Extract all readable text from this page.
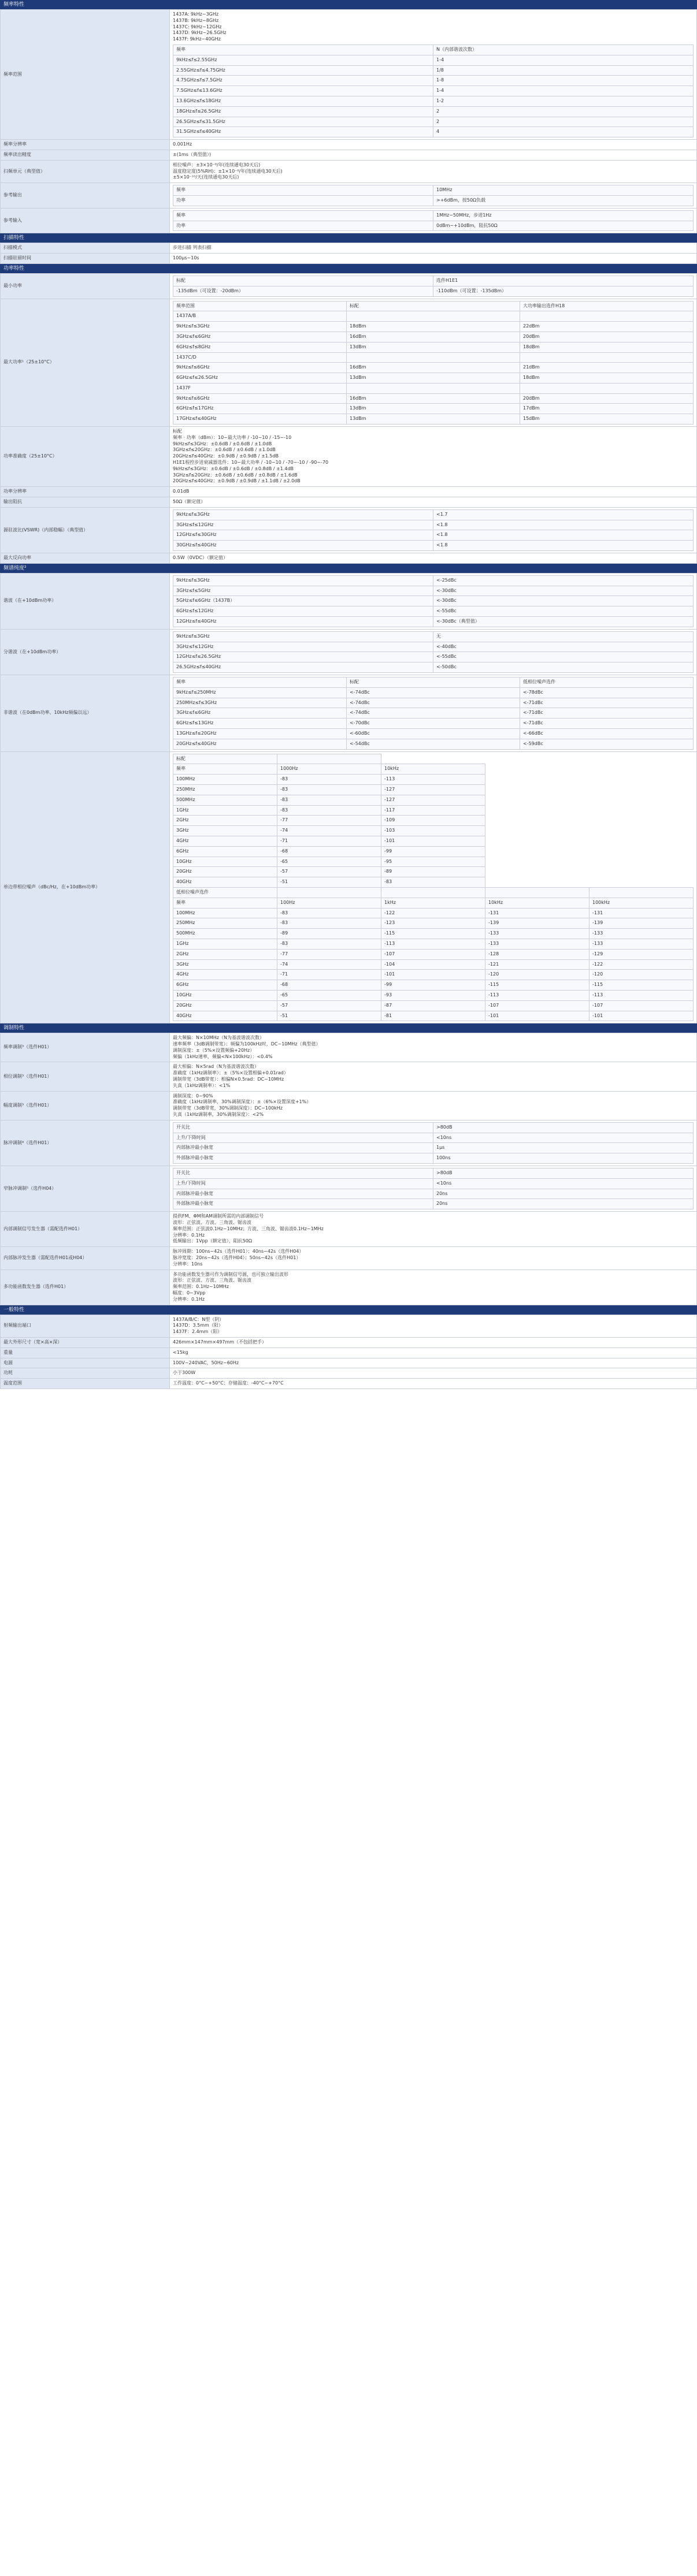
频率特性
频率范围	
1437A: 9kHz~3GHz
1437B: 9kHz~8GHz
1437C: 9kHz~12GHz
1437D: 9kHz~26.5GHz
1437F: 9kHz~40GHz
频率	N（内部谐波次数）
9kHz≤f≤2.55GHz	1-4
2.55GHz≤f≤4.75GHz	1/8
4.75GHz≤f≤7.5GHz	1-8
7.5GHz≤f≤13.6GHz	1-4
13.6GHz≤f≤18GHz	1-2
18GHz≤f≤26.5GHz	2
26.5GHz≤f≤31.5GHz	2
31.5GHz≤f≤40GHz	4

频率分辨率	0.001Hz

频率读出精度	±(1ms（典型值）)

扫频单元（典型值）	
相位噪声：±3×10⁻⁶/年(连续通电30天后)
温度稳定度(5%RH)：±1×10⁻⁸/年(连续通电30天后)
±5×10⁻¹⁰/天(连续通电30天后)

参考输出	
频率	10MHz
功率	>+6dBm，按50Ω负载

参考输入	
频率	1MHz~50MHz，步进1Hz
功率	0dBm~+10dBm，阻抗50Ω
扫描特性
扫描模式	步进扫描 列表扫描

扫描驻留时间	100μs~10s
功率特性
最小功率	
标配	选件H1E1
-135dBm（可设置：-20dBm）	-110dBm（可设置：-135dBm）

最大功率¹（25±10°C）	
频率范围	标配	大功率输出选件H18
1437A/B		
9kHz≤f≤3GHz	18dBm	22dBm
3GHz≤f≤6GHz	16dBm	20dBm
6GHz≤f≤8GHz	13dBm	18dBm
1437C/D		
9kHz≤f≤6GHz	16dBm	21dBm
6GHz≤f≤26.5GHz	13dBm	18dBm
1437F		
9kHz≤f≤6GHz	16dBm	20dBm
6GHz≤f≤17GHz	13dBm	17dBm
17GHz≤f≤40GHz	13dBm	15dBm

功率准确度（25±10°C）	
标配
频率 · 功率（dBm）：10~最大功率 / -10~10 / -15~-10
9kHz≤f≤3GHz：±0.6dB / ±0.6dB / ±1.0dB
3GHz≤f≤20GHz：±0.6dB / ±0.6dB / ±1.0dB
20GHz≤f≤40GHz：±0.9dB / ±0.9dB / ±1.5dB
H1E1程控步进衰减器选件：10~最大功率 / -10~10 / -70~-10 / -90~-70
9kHz≤f≤3GHz：±0.6dB / ±0.6dB / ±0.8dB / ±1.4dB
3GHz≤f≤20GHz：±0.6dB / ±0.6dB / ±0.8dB / ±1.6dB
20GHz≤f≤40GHz：±0.9dB / ±0.9dB / ±1.1dB / ±2.0dB

功率分辨率	0.01dB

输出阻抗	50Ω（额定值）

源驻波比(VSWR)（内部稳幅）（典型值）	
9kHz≤f≤3GHz	<1.7
3GHz≤f≤12GHz	<1.8
12GHz≤f≤30GHz	<1.8
30GHz≤f≤40GHz	<1.8

最大反向功率	0.5W（0VDC）（额定值）
频谱纯度²
谐波（在+10dBm功率）	
9kHz≤f≤3GHz	<-25dBc
3GHz≤f≤5GHz	<-30dBc
5GHz≤f≤6GHz（1437B）	<-30dBc
6GHz≤f≤12GHz	<-55dBc
12GHz≤f≤40GHz	<-30dBc（典型值）

分谐波（在+10dBm功率）	
9kHz≤f≤3GHz	无
3GHz≤f≤12GHz	<-40dBc
12GHz≤f≤26.5GHz	<-55dBc
26.5GHz≤f≤40GHz	<-50dBc

非谐波（在0dBm功率、10kHz频偏以远）	
频率	标配	低相位噪声选件
9kHz≤f≤250MHz	<-74dBc	<-78dBc
250MHz≤f≤3GHz	<-74dBc	<-71dBc
3GHz≤f≤6GHz	<-74dBc	<-71dBc
6GHz≤f≤13GHz	<-70dBc	<-71dBc
13GHz≤f≤20GHz	<-60dBc	<-66dBc
20GHz≤f≤40GHz	<-54dBc	<-59dBc

单边带相位噪声（dBc/Hz，在+10dBm功率）	
标配	
频率	1000Hz	10kHz
100MHz	-83	-113
250MHz	-83	-127
500MHz	-83	-127
1GHz	-83	-117
2GHz	-77	-109
3GHz	-74	-103
4GHz	-71	-101
6GHz	-68	-99
10GHz	-65	-95
20GHz	-57	-89
40GHz	-51	-83
低相位噪声选件				
频率	100Hz	1kHz	10kHz	100kHz
100MHz	-83	-122	-131	-131
250MHz	-83	-123	-139	-139
500MHz	-89	-115	-133	-133
1GHz	-83	-113	-133	-133
2GHz	-77	-107	-128	-129
3GHz	-74	-104	-121	-122
4GHz	-71	-101	-120	-120
6GHz	-68	-99	-115	-115
10GHz	-65	-93	-113	-113
20GHz	-57	-87	-107	-107
40GHz	-51	-81	-101	-101
调制特性
频率调制³（选件H01）	
最大频偏：N×10MHz（N为基波谐波次数）
速率频率（3dB调制带宽）：频偏为100kHz时，DC~10MHz（典型值）
调制深度：±（5%×设置频偏+20Hz）
频偏（1kHz速率，频偏<N×100kHz）：<0.4%

相位调制³（选件H01）	
最大相偏：N×5rad（N为基波谐波次数）
准确度（1kHz调制率）：±（5%×设置相偏+0.01rad）
调制带宽（3dB带宽）：相偏N×0.5rad：DC~10MHz
失真（1kHz调制率）：<1%

幅度调制³（选件H01）	
调制深度：0~90%
准确度（1kHz调制率，30%调制深度）：±（6%×设置深度+1%）
调制带宽（3dB带宽，30%调制深度）：DC~100kHz
失真（1kHz调制率，30%调制深度）：<2%

脉冲调制⁴（选件H01）	
开关比	>80dB
上升/下降时间	<10ns
内部脉冲最小脉宽	1μs
外部脉冲最小脉宽	100ns

窄脉冲调制⁵（选件H04）	
开关比	>80dB
上升/下降时间	<10ns
内部脉冲最小脉宽	20ns
外部脉冲最小脉宽	20ns

内部调制信号发生器（需配选件H01）	
提供FM、ΦM和AM调制所需的内部调制信号
波形：正弦波、方波、三角波、锯齿波
频率范围：正弦波0.1Hz~10MHz；方波、三角波、锯齿波0.1Hz~1MHz
分辨率：0.1Hz
低频输出：1Vpp（额定值），阻抗50Ω

内部脉冲发生器（需配选件H01或H04）	
脉冲周期：100ns~42s（选件H01）；40ns~42s（选件H04）
脉冲宽度：20ns~42s（选件H04）；50ns~42s（选件H01）
分辨率：10ns

多功能函数发生器（选件H01）	
多功能函数发生器可作为调制信号源，也可独立输出波形
波形：正弦波、方波、三角波、锯齿波
频率范围：0.1Hz~10MHz
幅度：0~3Vpp
分辨率：0.1Hz
一般特性
射频输出端口	1437A/B/C：N型（阴）
1437D：3.5mm（阳）
1437F：2.4mm（阳）

最大外形尺寸（宽×高×深）	426mm×147mm×497mm（不包括把手）

重量	<15kg

电源	100V~240VAC，50Hz~60Hz

功耗	小于300W

温度范围	工作温度：0°C~+50°C；存储温度：-40°C~+70°C
